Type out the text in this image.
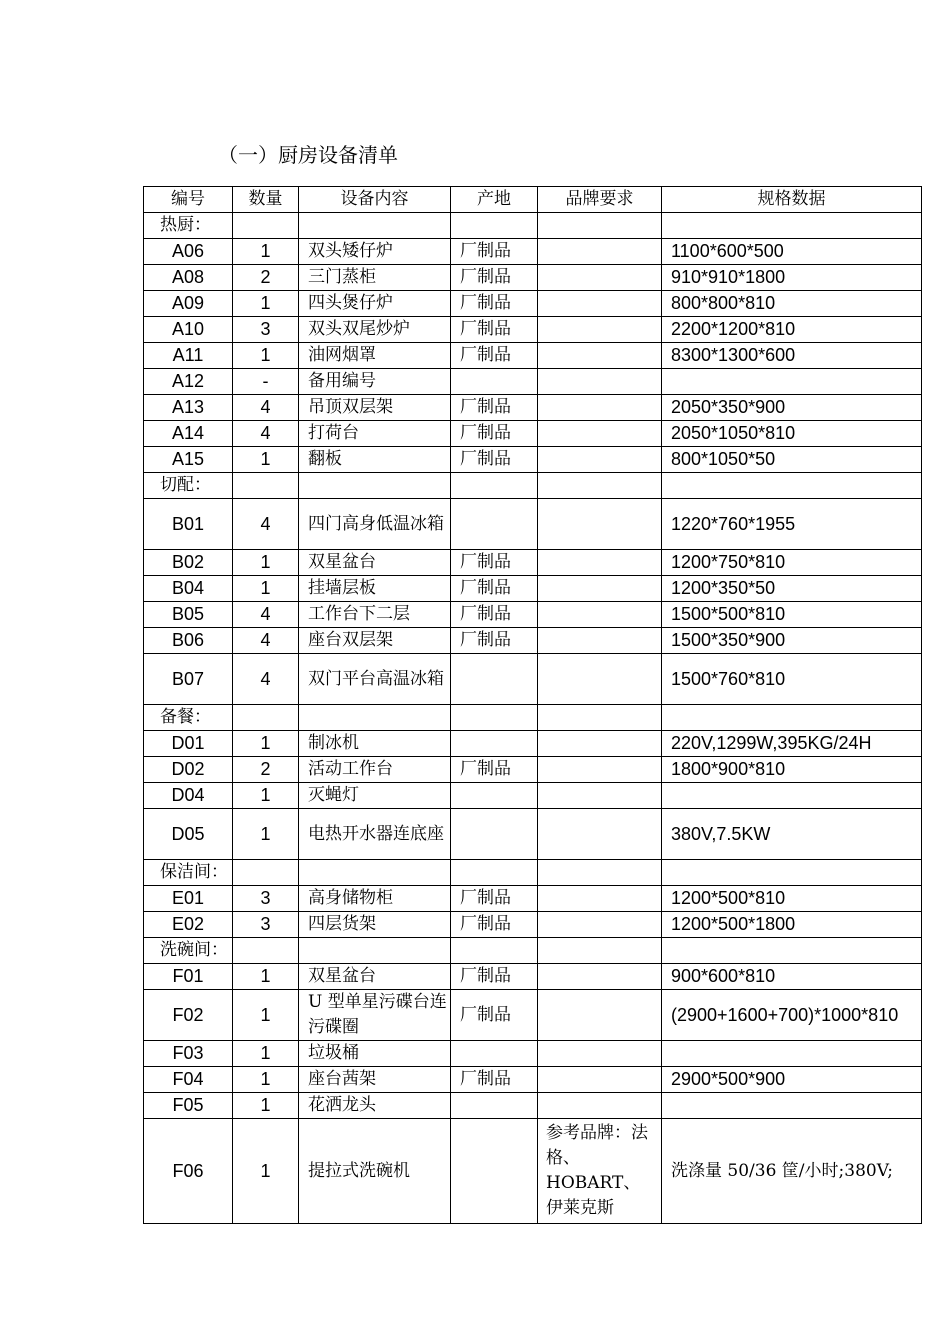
（一）厨房设备清单
编号	数量	设备内容	产地	品牌要求	规格数据
热厨：					
A06	1	双头矮仔炉	厂制品		1100*600*500
A08	2	三门蒸柜	厂制品		910*910*1800
A09	1	四头煲仔炉	厂制品		800*800*810
A10	3	双头双尾炒炉	厂制品		2200*1200*810
A11	1	油网烟罩	厂制品		8300*1300*600
A12	-	备用编号			
A13	4	吊顶双层架	厂制品		2050*350*900
A14	4	打荷台	厂制品		2050*1050*810
A15	1	翻板	厂制品		800*1050*50
切配：					
B01	4	四门高身低温冰箱			1220*760*1955
B02	1	双星盆台	厂制品		1200*750*810
B04	1	挂墙层板	厂制品		1200*350*50
B05	4	工作台下二层	厂制品		1500*500*810
B06	4	座台双层架	厂制品		1500*350*900
B07	4	双门平台高温冰箱			1500*760*810
备餐：					
D01	1	制冰机			220V,1299W,395KG/24H
D02	2	活动工作台	厂制品		1800*900*810
D04	1	灭蝇灯			
D05	1	电热开水器连底座			380V,7.5KW
保洁间：					
E01	3	高身储物柜	厂制品		1200*500*810
E02	3	四层货架	厂制品		1200*500*1800
洗碗间：					
F01	1	双星盆台	厂制品		900*600*810
F02	1	U 型单星污碟台连污碟圈	厂制品		(2900+1600+700)*1000*810
F03	1	垃圾桶			
F04	1	座台茜架	厂制品		2900*500*900
F05	1	花洒龙头			
F06	1	提拉式洗碗机		参考品牌：法格、HOBART、伊莱克斯	洗涤量 50/36 筐/小时;380V;
